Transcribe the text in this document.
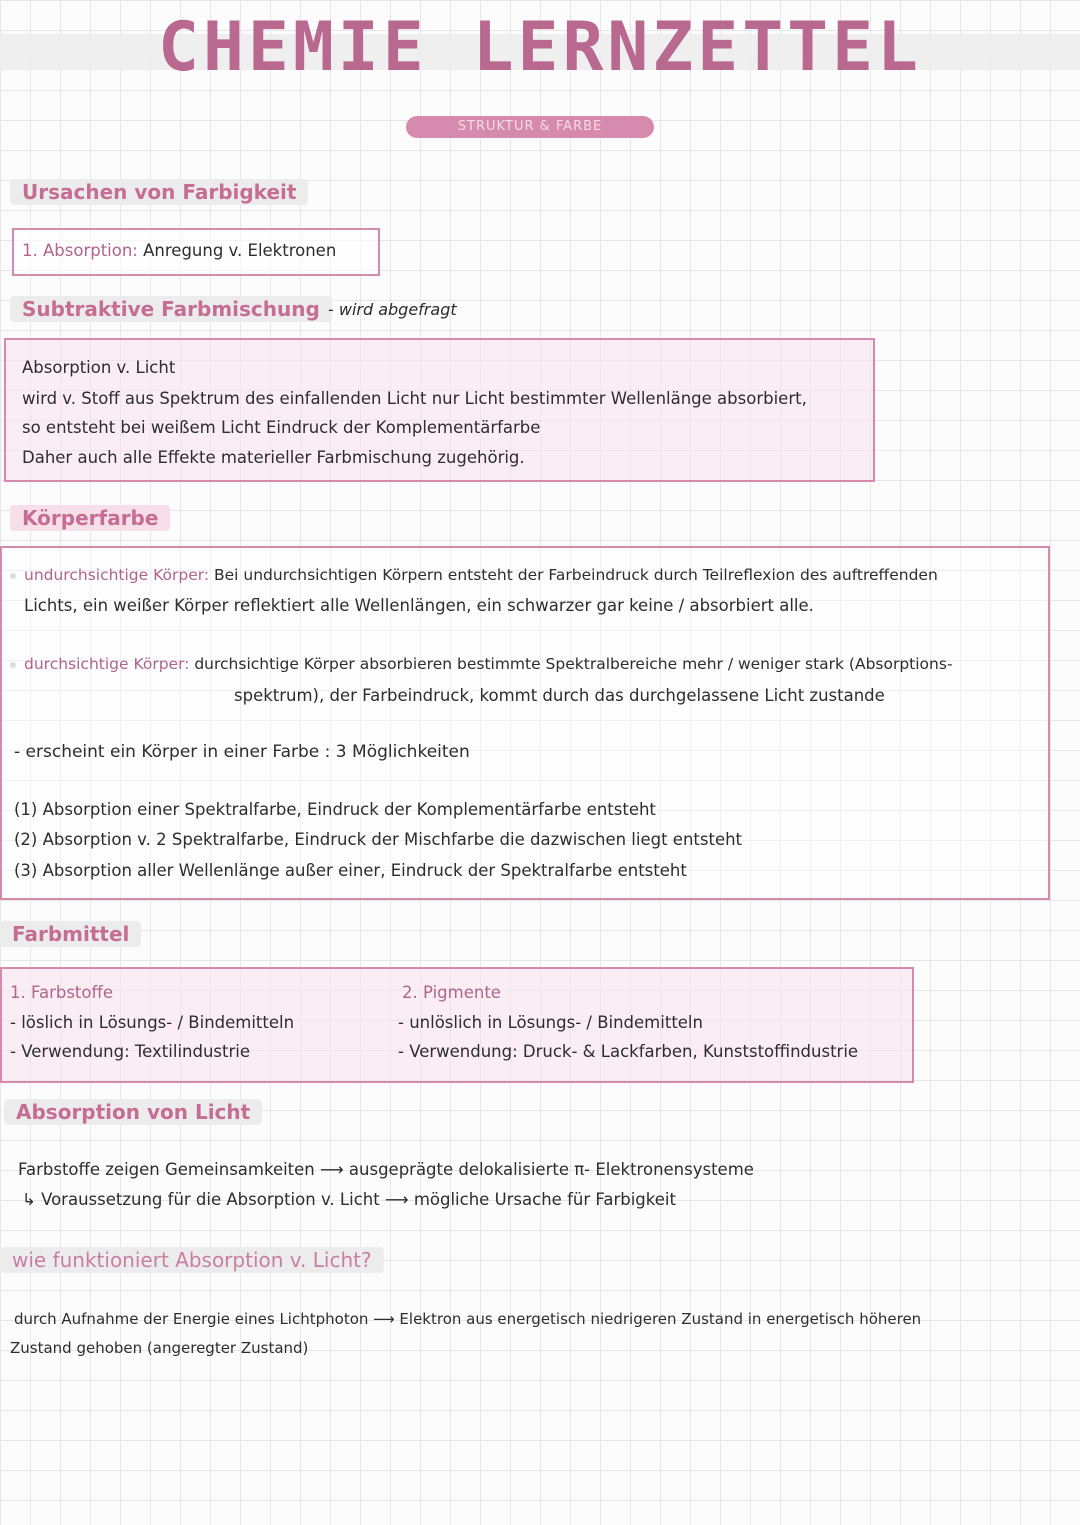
CHEMIE LERNZETTEL
STRUKTUR & FARBE
Ursachen von Farbigkeit
1. Absorption: Anregung v. Elektronen
Subtraktive Farbmischung - wird abgefragt
Absorption v. Licht
wird v. Stoff aus Spektrum des einfallenden Licht nur Licht bestimmter Wellenlänge absorbiert,
so entsteht bei weißem Licht Eindruck der Komplementärfarbe
Daher auch alle Effekte materieller Farbmischung zugehörig.
Körperfarbe
undurchsichtige Körper: Bei undurchsichtigen Körpern entsteht der Farbeindruck durch Teilreflexion des auftreffenden
Lichts, ein weißer Körper reflektiert alle Wellenlängen, ein schwarzer gar keine / absorbiert alle.
durchsichtige Körper: durchsichtige Körper absorbieren bestimmte Spektralbereiche mehr / weniger stark (Absorptions-
spektrum), der Farbeindruck, kommt durch das durchgelassene Licht zustande
- erscheint ein Körper in einer Farbe : 3 Möglichkeiten
(1) Absorption einer Spektralfarbe, Eindruck der Komplementärfarbe entsteht
(2) Absorption v. 2 Spektralfarbe, Eindruck der Mischfarbe die dazwischen liegt entsteht
(3) Absorption aller Wellenlänge außer einer, Eindruck der Spektralfarbe entsteht
Farbmittel
1. Farbstoffe
- löslich in Lösungs- / Bindemitteln
- Verwendung: Textilindustrie
2. Pigmente
- unlöslich in Lösungs- / Bindemitteln
- Verwendung: Druck- & Lackfarben, Kunststoffindustrie
Absorption von Licht
Farbstoffe zeigen Gemeinsamkeiten ⟶ ausgeprägte delokalisierte π- Elektronensysteme
↳ Voraussetzung für die Absorption v. Licht ⟶ mögliche Ursache für Farbigkeit
wie funktioniert Absorption v. Licht?
durch Aufnahme der Energie eines Lichtphoton ⟶ Elektron aus energetisch niedrigeren Zustand in energetisch höheren
Zustand gehoben (angeregter Zustand)
